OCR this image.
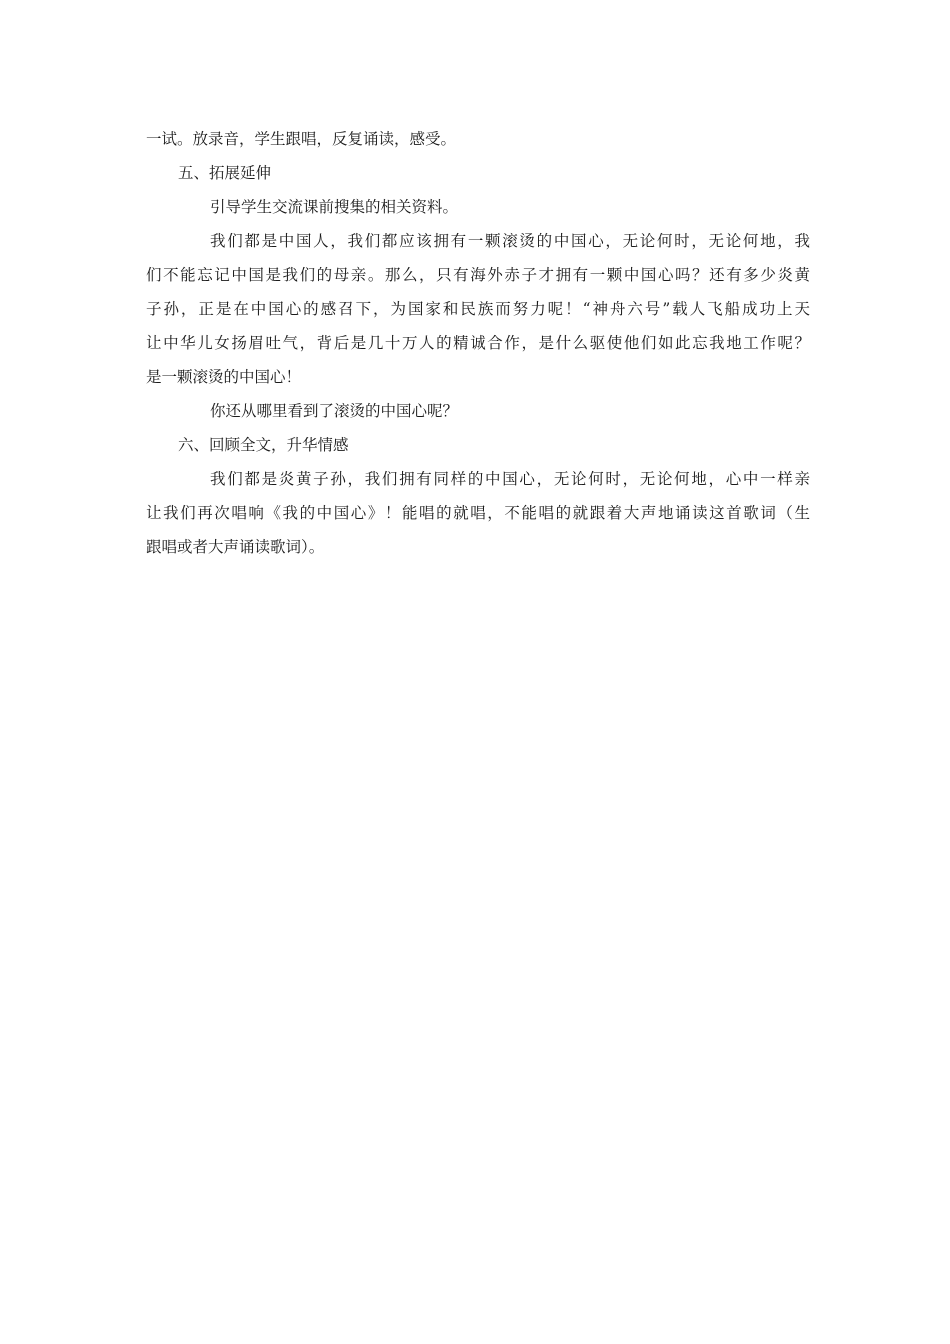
一试。放录音，学生跟唱，反复诵读，感受。
五、拓展延伸
引导学生交流课前搜集的相关资料。
我们都是中国人，我们都应该拥有一颗滚烫的中国心，无论何时，无论何地，我
们不能忘记中国是我们的母亲。那么，只有海外赤子才拥有一颗中国心吗？还有多少炎黄
子孙，正是在中国心的感召下，为国家和民族而努力呢！“神舟六号”载人飞船成功上天
让中华儿女扬眉吐气，背后是几十万人的精诚合作，是什么驱使他们如此忘我地工作呢？
是一颗滚烫的中国心！
你还从哪里看到了滚烫的中国心呢？
六、回顾全文，升华情感
我们都是炎黄子孙，我们拥有同样的中国心，无论何时，无论何地，心中一样亲
让我们再次唱响《我的中国心》！能唱的就唱，不能唱的就跟着大声地诵读这首歌词（生
跟唱或者大声诵读歌词）。
